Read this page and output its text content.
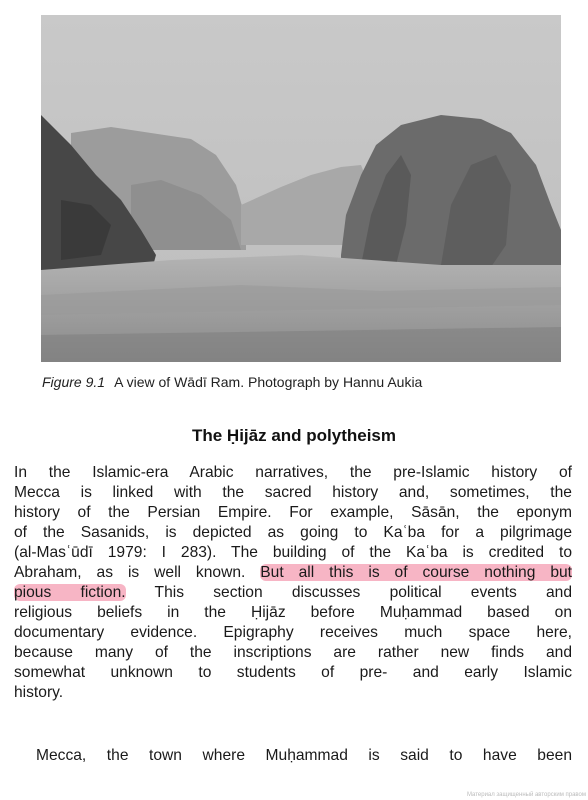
Figure 9.1 A view of Wādī Ram. Photograph by Hannu Aukia
The Ḥijāz and polytheism
In the Islamic-era Arabic narratives, the pre-Islamic history of
Mecca is linked with the sacred history and, sometimes, the
history of the Persian Empire. For example, Sāsān, the eponym
of the Sasanids, is depicted as going to Kaʿba for a pilgrimage
(al-Masʿūdī 1979: I 283). The building of the Kaʿba is credited to
Abraham, as is well known. But all this is of course nothing but
pious fiction. This section discusses political events and
religious beliefs in the Ḥijāz before Muḥammad based on
documentary evidence. Epigraphy receives much space here,
because many of the inscriptions are rather new finds and
somewhat unknown to students of pre- and early Islamic
history.
Mecca, the town where Muḥammad is said to have been
Материал защищенный авторским правом
